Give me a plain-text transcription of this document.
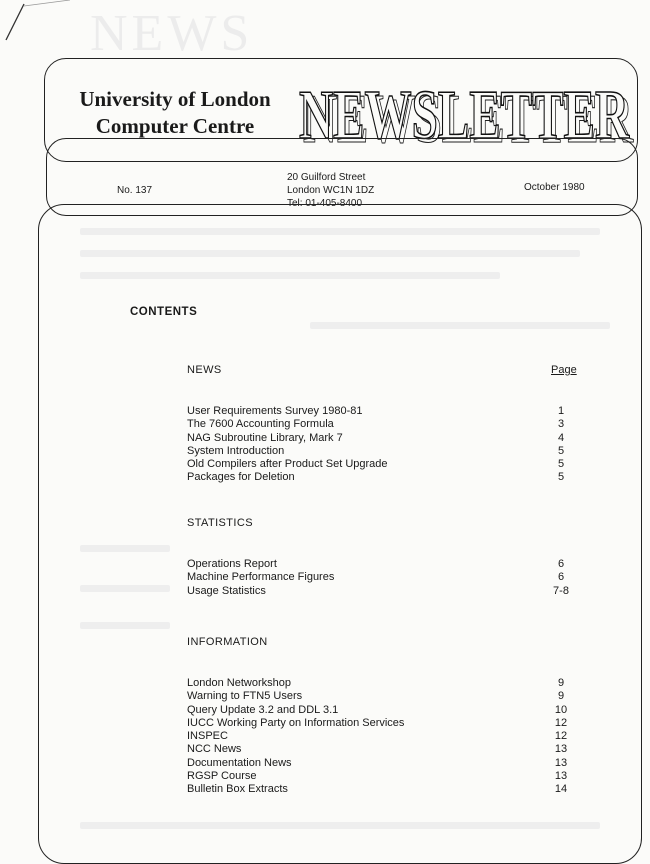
NEWS
University of London
Computer Centre NEWSLETTER
NEWSLETTER
No. 137
20 Guilford Street
London WC1N 1DZ
Tel: 01-405-8400
October 1980
CONTENTS
NEWS	Page
User Requirements Survey 1980-81	1
The 7600 Accounting Formula	3
NAG Subroutine Library, Mark 7	4
System Introduction	5
Old Compilers after Product Set Upgrade	5
Packages for Deletion	5
STATISTICS
Operations Report	6
Machine Performance Figures	6
Usage Statistics	7-8
INFORMATION
London Networkshop	9
Warning to FTN5 Users	9
Query Update 3.2 and DDL 3.1	10
IUCC Working Party on Information Services	12
INSPEC	12
NCC News	13
Documentation News	13
RGSP Course	13
Bulletin Box Extracts	14
